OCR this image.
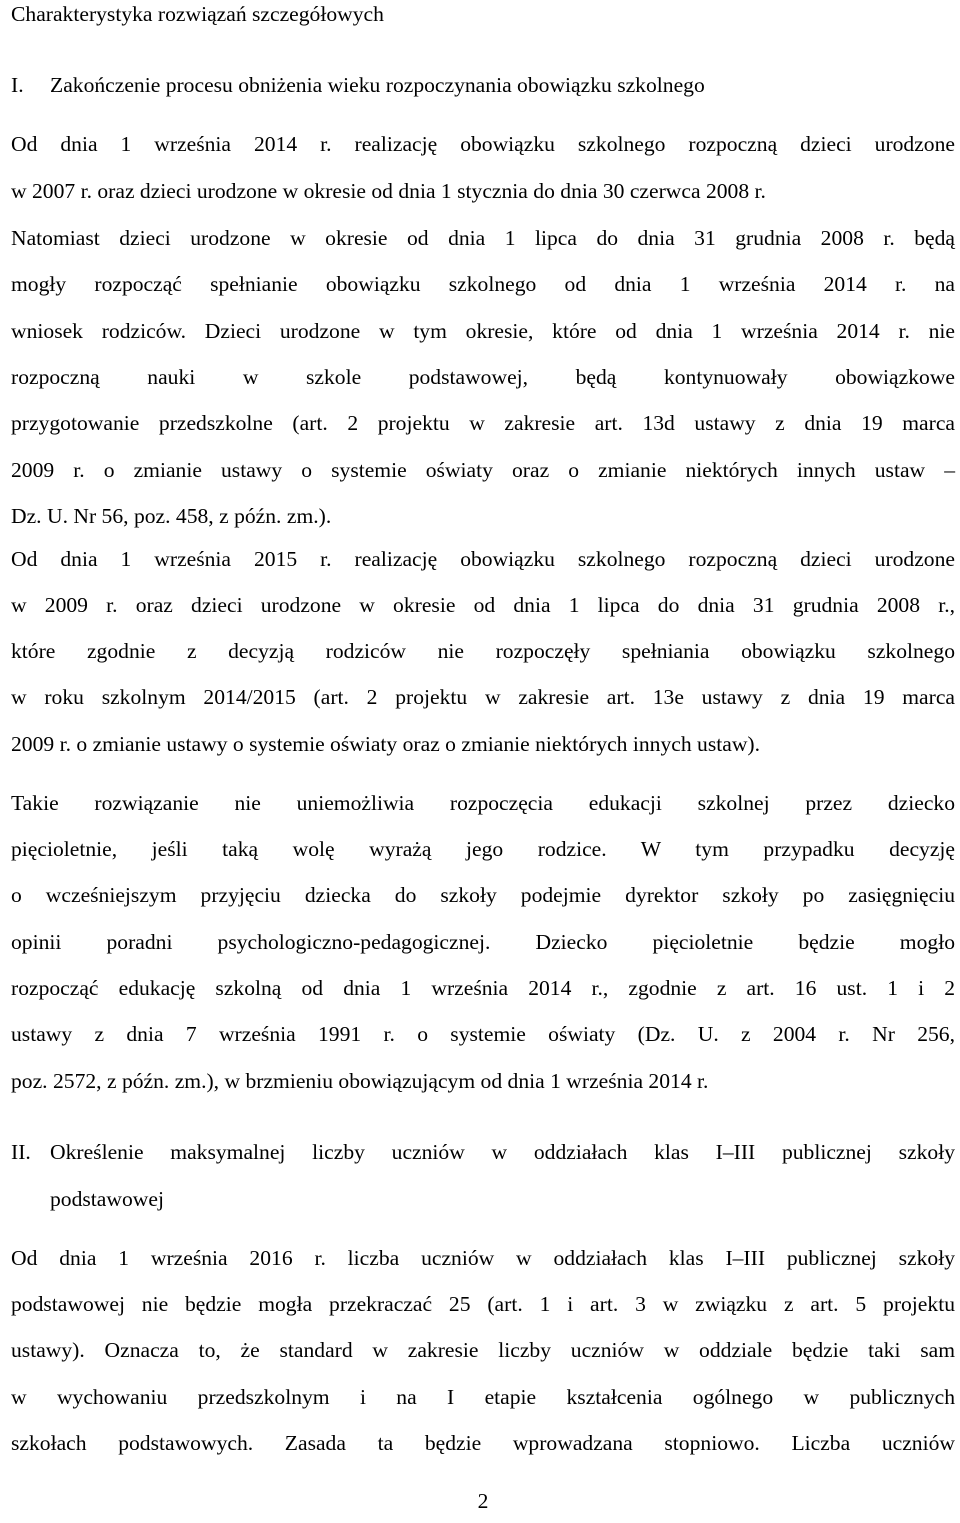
Charakterystyka rozwiązań szczegółowych
I. Zakończenie procesu obniżenia wieku rozpoczynania obowiązku szkolnego
Od dnia 1 września 2014 r. realizację obowiązku szkolnego rozpoczną dzieci urodzone
w 2007 r. oraz dzieci urodzone w okresie od dnia 1 stycznia do dnia 30 czerwca 2008 r.
Natomiast dzieci urodzone w okresie od dnia 1 lipca do dnia 31 grudnia 2008 r. będą
mogły rozpocząć spełnianie obowiązku szkolnego od dnia 1 września 2014 r. na
wniosek rodziców. Dzieci urodzone w tym okresie, które od dnia 1 września 2014 r. nie
rozpoczną nauki w szkole podstawowej, będą kontynuowały obowiązkowe
przygotowanie przedszkolne (art. 2 projektu w zakresie art. 13d ustawy z dnia 19 marca
2009 r. o zmianie ustawy o systemie oświaty oraz o zmianie niektórych innych ustaw –
Dz. U. Nr 56, poz. 458, z późn. zm.).
Od dnia 1 września 2015 r. realizację obowiązku szkolnego rozpoczną dzieci urodzone
w 2009 r. oraz dzieci urodzone w okresie od dnia 1 lipca do dnia 31 grudnia 2008 r.,
które zgodnie z decyzją rodziców nie rozpoczęły spełniania obowiązku szkolnego
w roku szkolnym 2014/2015 (art. 2 projektu w zakresie art. 13e ustawy z dnia 19 marca
2009 r. o zmianie ustawy o systemie oświaty oraz o zmianie niektórych innych ustaw).
Takie rozwiązanie nie uniemożliwia rozpoczęcia edukacji szkolnej przez dziecko
pięcioletnie, jeśli taką wolę wyrażą jego rodzice. W tym przypadku decyzję
o wcześniejszym przyjęciu dziecka do szkoły podejmie dyrektor szkoły po zasięgnięciu
opinii poradni psychologiczno-pedagogicznej. Dziecko pięcioletnie będzie mogło
rozpocząć edukację szkolną od dnia 1 września 2014 r., zgodnie z art. 16 ust. 1 i 2
ustawy z dnia 7 września 1991 r. o systemie oświaty (Dz. U. z 2004 r. Nr 256,
poz. 2572, z późn. zm.), w brzmieniu obowiązującym od dnia 1 września 2014 r.
II. Określenie maksymalnej liczby uczniów w oddziałach klas I–III publicznej szkoły
podstawowej
Od dnia 1 września 2016 r. liczba uczniów w oddziałach klas I–III publicznej szkoły
podstawowej nie będzie mogła przekraczać 25 (art. 1 i art. 3 w związku z art. 5 projektu
ustawy). Oznacza to, że standard w zakresie liczby uczniów w oddziale będzie taki sam
w wychowaniu przedszkolnym i na I etapie kształcenia ogólnego w publicznych
szkołach podstawowych. Zasada ta będzie wprowadzana stopniowo. Liczba uczniów
2
